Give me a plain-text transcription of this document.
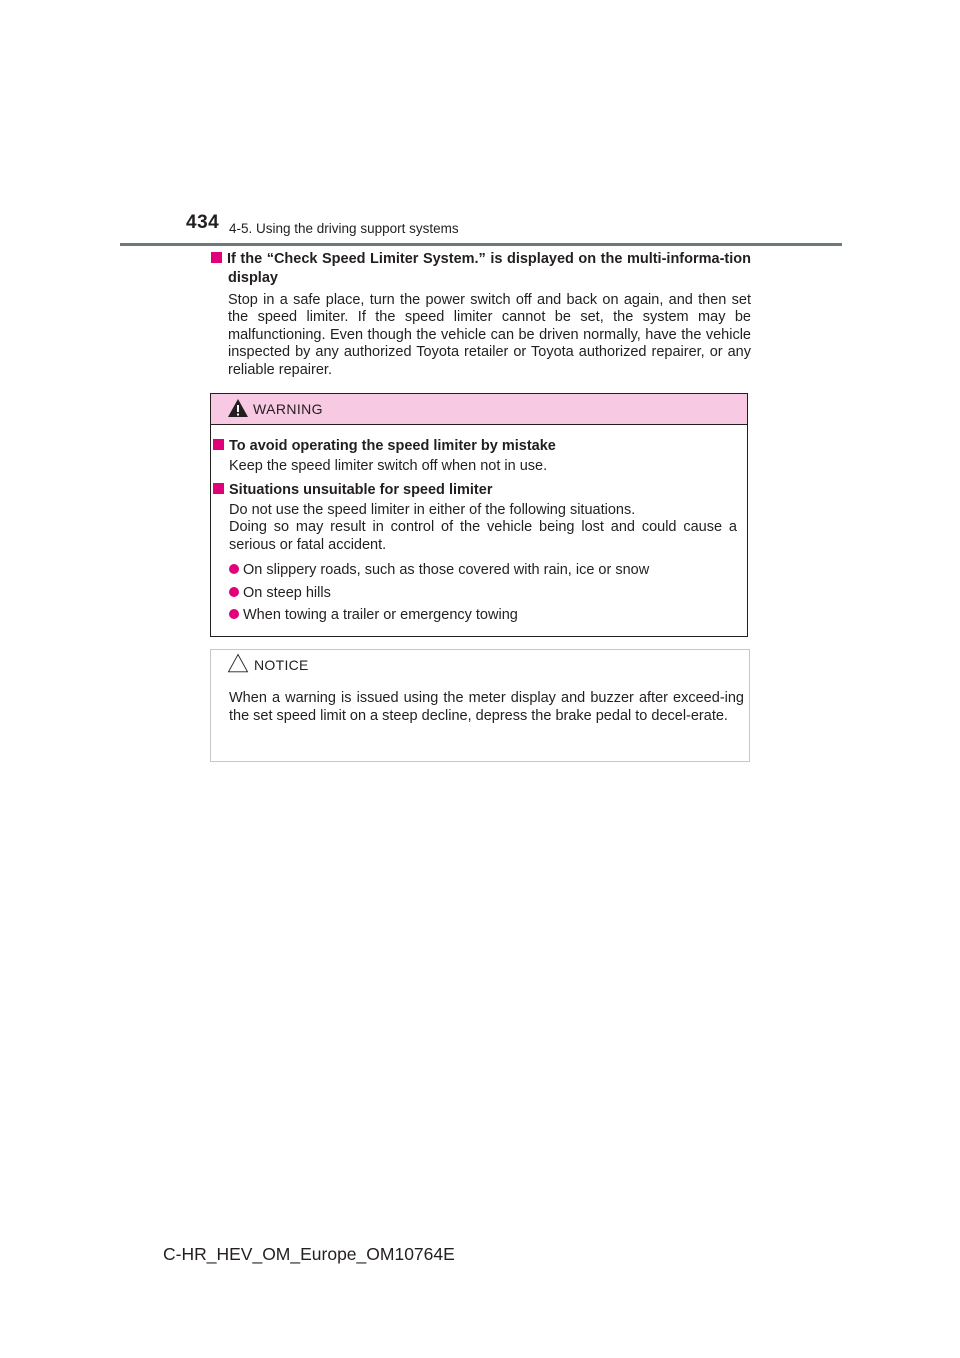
434 4-5. Using the driving support systems

If the “Check Speed Limiter System.” is displayed on the multi-informa-tion display

Stop in a safe place, turn the power switch off and back on again, and then set the speed limiter. If the speed limiter cannot be set, the system may be malfunctioning. Even though the vehicle can be driven normally, have the vehicle inspected by any authorized Toyota retailer or Toyota authorized repairer, or any reliable repairer.

WARNING

To avoid operating the speed limiter by mistake

Keep the speed limiter switch off when not in use.

Situations unsuitable for speed limiter

Do not use the speed limiter in either of the following situations.
Doing so may result in control of the vehicle being lost and could cause a serious or fatal accident.

On slippery roads, such as those covered with rain, ice or snow

On steep hills

When towing a trailer or emergency towing

NOTICE

When a warning is issued using the meter display and buzzer after exceed-ing the set speed limit on a steep decline, depress the brake pedal to decel-erate.

C-HR_HEV_OM_Europe_OM10764E
